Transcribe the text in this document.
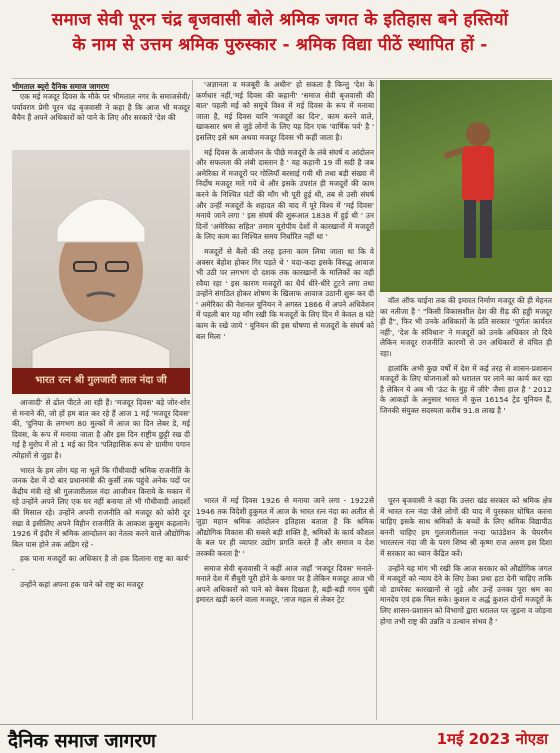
समाज सेवी पूरन चंद्र बृजवासी बोले श्रमिक जगत के इतिहास बने हस्तियों
के नाम से उत्तम श्रमिक पुरुस्कार - श्रमिक विद्या पीठें स्थापित हों -
भीमताल ब्यूरो दैनिक समाज जागरण

एक मई मजदूर दिवस के मौके पर भीमताल नगर के समाजसेवी/पर्यावरण प्रेमी पूरन चंद्र बृजवासी ने कहा है कि आज भी मजदूर बैचैन हैं अपने अधिकारों को पाने के लिए और सरकारें 'देश की

भारत रत्न श्री गुलजारी लाल नंदा जी

आजादी' से ढोल पीटते आ रही हैं। 'मजदूर दिवस' बड़े जोर-शोर से मनाने की, जो हों हम बात कर रहे हैं आज 1 मई 'मजदूर दिवस' की, 'दुनिया के लगभग 80 मुल्कों में आज का दिन लेबर डे, मई दिवस, के रूप में मनाया जाता है और इस दिन राष्ट्रीय छुट्टी रख दी गई है मुरोप में तो 1 मई का दिन 'पतिहासिक रूप से' ग्रामीण पगान त्योहारों से जुड़ा है।

भारत के हम लोग यह ना भूले कि गौधीवादी श्रमिक राजनीति के जनक देश में दो बार प्रधानमंत्री की कुर्सी तक पहुंचे अनेक पदों पर केंद्रीय मंत्री रहे श्री गुलजारीलाल नंदा आजीवन किराये के मकान में रहे उन्होंने अपने लिए एक घर नहीं बनाया तो भी गौधीवादी आदर्शों की मिसाल रहे। उन्होंने अपनी राजनीति को मजदूर को कोरी दूर रखा वे इसीलिए अपने विहीन राजनीति के आकाश कुसुम कहलाने। 1926 में इंदौर में श्रमिक आन्दोलन का नेतत्व करने वाले औद्योगिक बिल पास होने तक अडिग रहे -

हक पाना मजदूरों का अधिकार है तो हक दिलाना राष्ट्र का कार्य' -

उन्होंने कहां अपना हक पाने को राष्ट्र का मजदूर

'अज्ञानता व मजबूरी के अधीन' हो सकता है किन्तु 'देश के कर्णधार नहीं,'मई दिवस की कहानी' 'समाज सेवी बृजवासी की बात' पहली मई को समूचे विश्व में मई दिवस के रूप में मनाया जाता है, मई दिवस यानि 'मजदूरों का दिन', काम करने वाले, खाकसार श्रम से जुड़े लोगों के लिए यह दिन एक 'वार्षिक पर्व' है ' इसलिए इसे श्रम अथवा मजदूर दिवस भी कहीं जाता है।

मई दिवस के आयोजन के पीछे मजदूरों के लंबे संघर्ष व आंदोलन और सफलता की लंबी दास्तान है ' यह कहानी 19 वीं सदी है जब अमेरिका में मजदूरों पर गोलियाँ बरसाई गयी थी तथा बड़ी संख्या में निर्दोष मजदूर मारे गये थे और इसके उपरांत ही मजदूरों की काम करने के निश्चित घंटों की माँग भी पूरी हुई थी, तब से उसी संघर्ष और उन्हीं मजदूरों के शहादत की याद में पूरे विश्व में 'मई दिवस' मनाये जाने लगा ' इस संघर्ष की शुरूआत 1838 में हुई थी ' उन दिनों 'अमेरिका सहित' तमाम यूरोपीय देशों में कारखानों में मजदूरों के लिए काम का निश्चित समय निर्धारित नहीं था '

मजदूरों से बैलों की तरह इतना काम लिया जाता था कि वे अक्सर बेहोश होकर गिर पड़ते थे ' यदा-कदा इसके विरुद्ध आवाज भी उठी पर लगभग दो दशक तक कारखानों के मालिकों का वही रवैया रहा ' इस कारण मजदूरों का धैर्य धीरे-धीरे टूटने लगा तथा उन्होंने संगठित होकर शोषण के खिलाफ आवाज उठानी शुरू कर दी ' अमेरिका की नेशनल यूनियन ने अगस्त 1866 में अपने अधिवेशन में पहली बार यह माँग रखी कि मजदूरों के लिए दिन में केवल 8 घंटे काम के रखे जाये ' यूनियन की इस घोषणा से मजदूरों के संघर्ष को बल मिला '

भारत में मई दिवस 1926 से मनाया जाने लगा - 1922से 1946 तक विदेशी हुकुमत में आज के भारत रत्न नंदा का अतीत से जुड़ा महान श्रमिक आंदोलन इतिहास बताता है कि श्रमिक औद्योगिक विकास की सबसे बड़ी शक्ति है, श्रमिकों के कार्य कौशल के बल पर ही व्यापार उद्योग प्रगति करते हैं और समाज व देश तरक्की करता है' '

समाज सेवी बृजवासी ने कहीं आज जहाँ 'मजदूर दिवस' मनाते-मनाते देश में सैंचुरी पूरी होने के कगार पर है लेकिन मजदूर आज भी अपने अधिकारों को पाने को बेबस दिखता है, बड़ी-बड़ी गगन चुंबी इमारत खड़ी करने वाला मजदूर, 'ताज महल से लेकर ट्रेट

वॉल ऑफ चाईना तक की इमारत निर्माण मजदूर की ही मेहनत का नतीजा है ' "किसी विकासशील देश की रीढ़ की हड्डी मजदूर ही है", फिर भी उनके अधिकारों के प्रति सरकार 'पूर्णतः कार्यरत नहीं', 'देश के संविधान' ने मजदूरों को उनके अधिकार तो दिये लेकिन मजदूर राजनीति कारणों से उन अधिकारों से वंचित ही रहा।

हालांकि अभी कुछ वर्षों में देश में कई तरह से शासन-प्रशासन मजदूरों के लिए योजनाओं को धरातल पर लाने का कार्य कर रहा है लेकिन ये अब भी 'ऊंट के मुंह में जीरे' जैसा हाल है ' 2012 के आकड़ों के अनुसार भारत में कुल 16154 ट्रेड यूनियन हैं, जिनकी संयुक्त सदस्यता करीब 91.8 लाख है '

पूरन बृजवासी ने कहा कि उत्तरा खंड सरकार को श्रमिक क्षेत्र में भारत रत्न नंदा जैसे लोगों की याद में पुरस्कार घोषित करना चाहिए इसके साथ श्रमिकों के बच्चों के लिए श्रमिक विद्यापीठ बननी चाहिए हम गुलजारीलाल नन्दा फाउंडेशन के चेयरमैन भारतरत्न नंदा जी के परम शिष्य श्री कृष्ण राज अरुण इस दिशा में सरकार का ध्यान केंद्रित करें।

उन्होंने यह मांग भी रखी कि आज सरकार को औद्योगिक जगत में मजदूरों को न्याय देने के लिए ठेका प्रथा हटा देनी चाहिए ताकि वो डायरेक्ट कारखानों से जुड़े और उन्हें उनका पूरा श्रम का मानदेय एवं हक मिल सके। कुशल व अर्द्ध कुशल दोनों मजदूरों के लिए शासन-प्रशासन को विभागों द्वारा धरातल पर जुड़ना व जोड़ना होगा तभी राष्ट्र की उन्नति व उत्थान संभव है '

दैनिक समाज जागरण	1मई 2023 नोएडा
